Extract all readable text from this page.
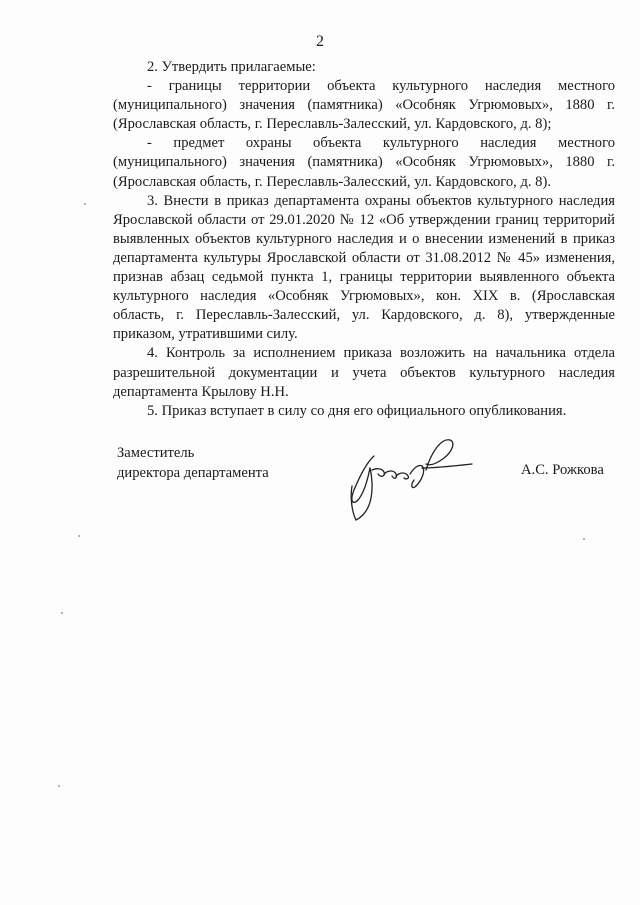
2

2. Утвердить прилагаемые:

- границы территории объекта культурного наследия местного (муниципального) значения (памятника) «Особняк Угрюмовых», 1880 г. (Ярославская область, г. Переславль-Залесский, ул. Кардовского, д. 8);

- предмет охраны объекта культурного наследия местного (муниципального) значения (памятника) «Особняк Угрюмовых», 1880 г. (Ярославская область, г. Переславль-Залесский, ул. Кардовского, д. 8).

3. Внести в приказ департамента охраны объектов культурного наследия Ярославской области от 29.01.2020 № 12 «Об утверждении границ территорий выявленных объектов культурного наследия и о внесении изменений в приказ департамента культуры Ярославской области от 31.08.2012 № 45» изменения, признав абзац седьмой пункта 1, границы территории выявленного объекта культурного наследия «Особняк Угрюмовых», кон. XIX в. (Ярославская область, г. Переславль-Залесский, ул. Кардовского, д. 8), утвержденные приказом, утратившими силу.

4. Контроль за исполнением приказа возложить на начальника отдела разрешительной документации и учета объектов культурного наследия департамента Крылову Н.Н.

5. Приказ вступает в силу со дня его официального опубликования.

Заместитель
директора департамента	А.С. Рожкова
